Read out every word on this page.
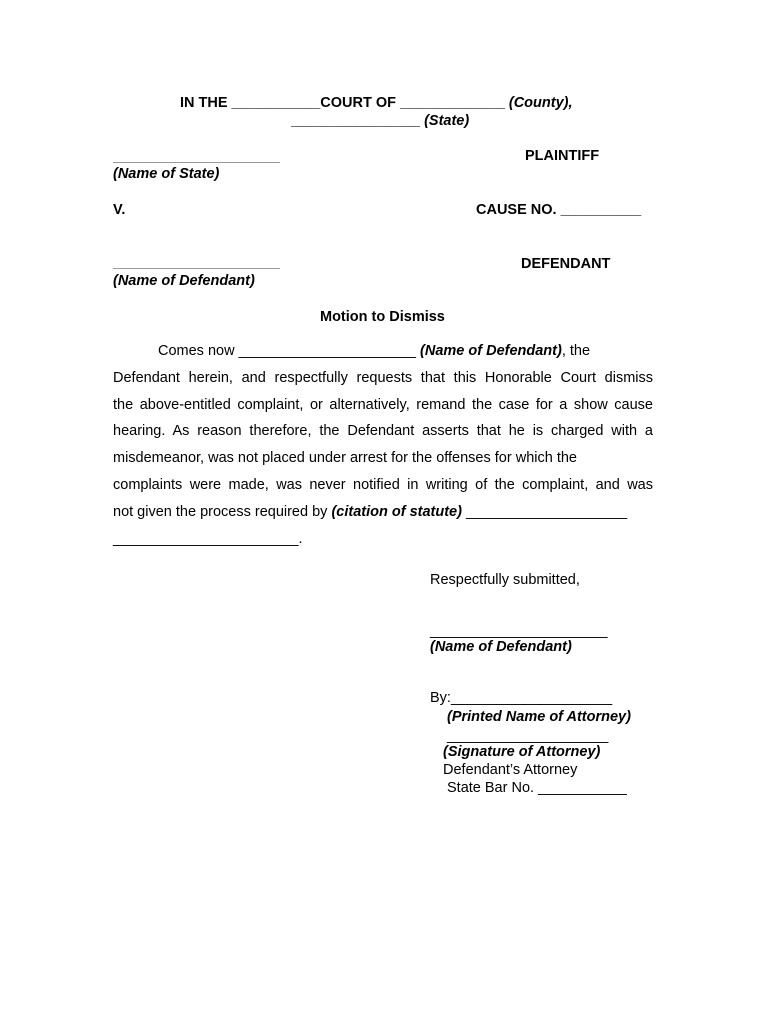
IN THE ___________COURT OF _____________ (County),
________________ (State)
(Name of State)
PLAINTIFF
V.	CAUSE NO. __________
(Name of Defendant)
DEFENDANT
Motion to Dismiss
Comes now ______________________ (Name of Defendant), the
Defendant herein, and respectfully requests that this Honorable Court dismiss
the above-entitled complaint, or alternatively, remand the case for a show cause
hearing. As reason therefore, the Defendant asserts that he is charged with a
misdemeanor, was not placed under arrest for the offenses for which the
complaints were made, was never notified in writing of the complaint, and was
not given the process required by (citation of statute) ____________________
_______________________.
Respectfully submitted,
______________________
(Name of Defendant)
By:____________________
(Printed Name of Attorney)
____________________
(Signature of Attorney)
Defendant’s Attorney
State Bar No. ___________
